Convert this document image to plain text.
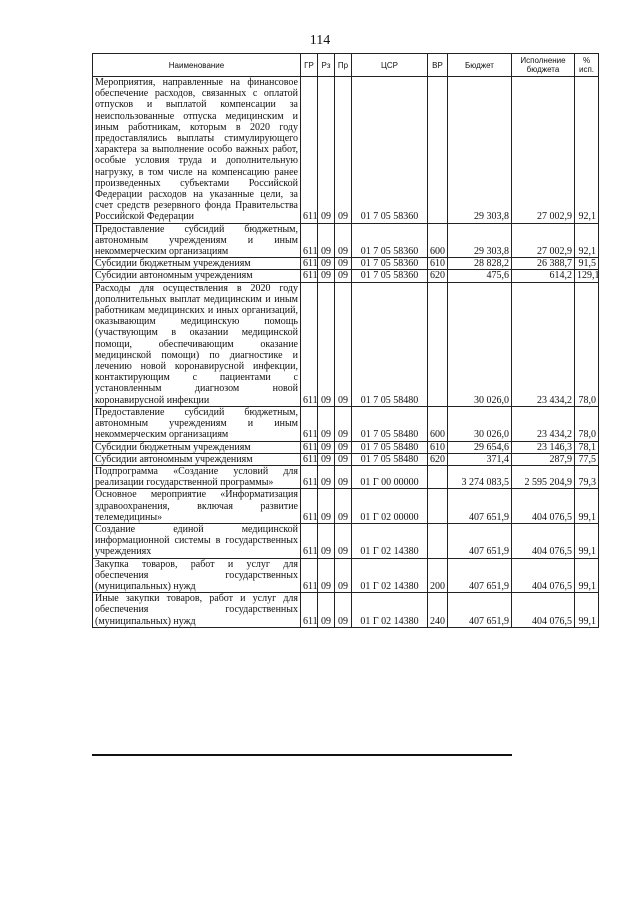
114
Наименование	ГР	Рз	Пр	ЦСР	ВР	Бюджет	Исполнение бюджета	% исп.
Мероприятия, направленные на финансовое обеспечение расходов, связанных с оплатой отпусков и выплатой компенсации за неиспользованные отпуска медицинским и иным работникам, которым в 2020 году предоставлялись выплаты стимулирующего характера за выполнение особо важных работ, особые условия труда и дополнительную нагрузку, в том числе на компенсацию ранее произведенных субъектами Российской Федерации расходов на указанные цели, за счет средств резервного фонда Правительства Российской Федерации	611	09	09	01 7 05 58360		29 303,8	27 002,9	92,1
Предоставление субсидий бюджетным, автономным учреждениям и иным некоммерческим организациям	611	09	09	01 7 05 58360	600	29 303,8	27 002,9	92,1
Субсидии бюджетным учреждениям	611	09	09	01 7 05 58360	610	28 828,2	26 388,7	91,5
Субсидии автономным учреждениям	611	09	09	01 7 05 58360	620	475,6	614,2	129,1
Расходы для осуществления в 2020 году дополнительных выплат медицинским и иным работникам медицинских и иных организаций, оказывающим медицинскую помощь (участвующим в оказании медицинской помощи, обеспечивающим оказание медицинской помощи) по диагностике и лечению новой коронавирусной инфекции, контактирующим с пациентами с установленным диагнозом новой коронавирусной инфекции	611	09	09	01 7 05 58480		30 026,0	23 434,2	78,0
Предоставление субсидий бюджетным, автономным учреждениям и иным некоммерческим организациям	611	09	09	01 7 05 58480	600	30 026,0	23 434,2	78,0
Субсидии бюджетным учреждениям	611	09	09	01 7 05 58480	610	29 654,6	23 146,3	78,1
Субсидии автономным учреждениям	611	09	09	01 7 05 58480	620	371,4	287,9	77,5
Подпрограмма «Создание условий для реализации государственной программы»	611	09	09	01 Г 00 00000		3 274 083,5	2 595 204,9	79,3
Основное мероприятие «Информатизация здравоохранения, включая развитие телемедицины»	611	09	09	01 Г 02 00000		407 651,9	404 076,5	99,1
Создание единой медицинской информационной системы в государственных учреждениях	611	09	09	01 Г 02 14380		407 651,9	404 076,5	99,1
Закупка товаров, работ и услуг для обеспечения государственных (муниципальных) нужд	611	09	09	01 Г 02 14380	200	407 651,9	404 076,5	99,1
Иные закупки товаров, работ и услуг для обеспечения государственных (муниципальных) нужд	611	09	09	01 Г 02 14380	240	407 651,9	404 076,5	99,1
